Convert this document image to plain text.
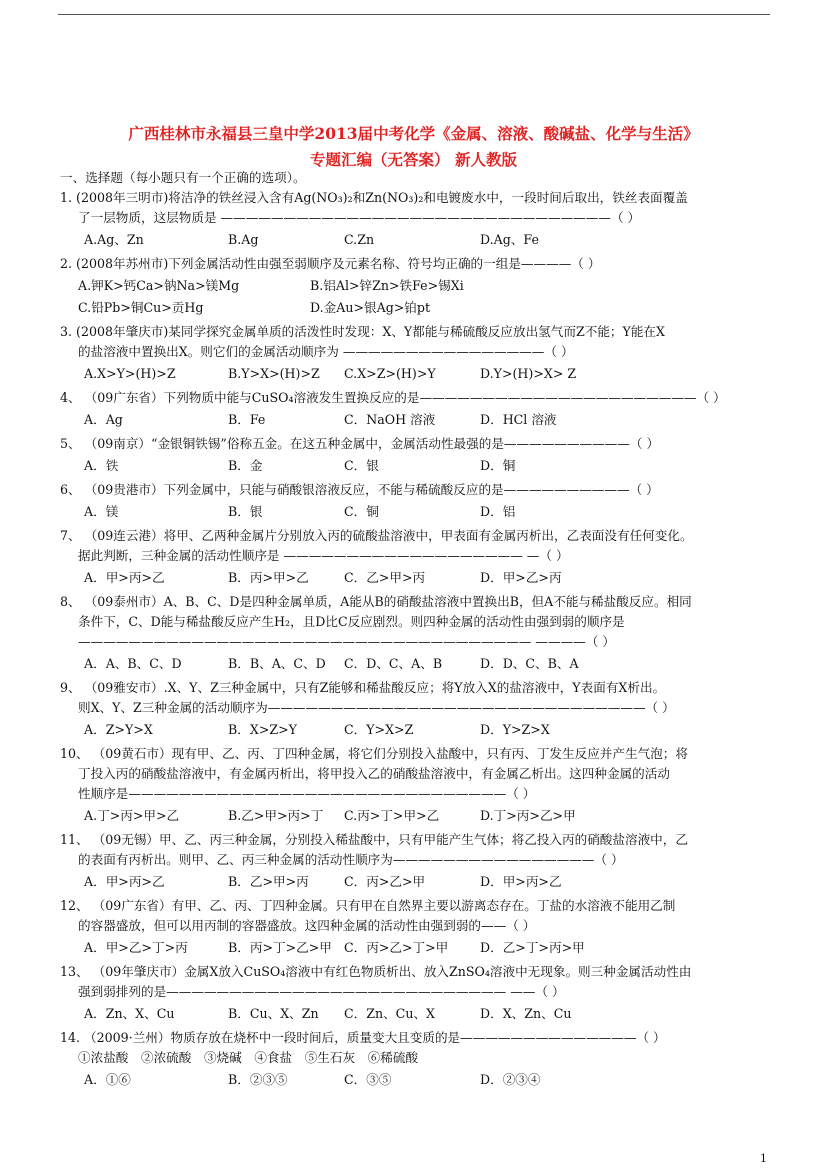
广西桂林市永福县三皇中学2013届中考化学《金属、溶液、酸碱盐、化学与生活》
专题汇编（无答案） 新人教版
一、选择题（每小题只有一个正确的选项）。
1. (2008年三明市)将洁净的铁丝浸入含有Ag(NO₃)₂和Zn(NO₃)₂和电镀废水中，一段时间后取出，铁丝表面覆盖
了一层物质，这层物质是 ———————————————————————————————（ ）
A.Ag、Zn	B.Ag	C.Zn	D.Ag、Fe
2. (2008年苏州市)下列金属活动性由强至弱顺序及元素名称、符号均正确的一组是————（ ）
A.钾K>钙Ca>钠Na>镁Mg	B.铝Al>锌Zn>铁Fe>锡Xi
C.铅Pb>铜Cu>贡Hg	D.金Au>银Ag>铂pt
3. (2008年肇庆市)某同学探究金属单质的活泼性时发现：X、Y都能与稀硫酸反应放出氢气而Z不能；Y能在X
的盐溶液中置换出X。则它们的金属活动顺序为 ————————————————（ ）
A.X>Y>(H)>Z	B.Y>X>(H)>Z	C.X>Z>(H)>Y	D.Y>(H)>X> Z
4、 （09广东省）下列物质中能与CuSO₄溶液发生置换反应的是——————————————————————（ ）
A．Ag	B．Fe	C．NaOH 溶液	D．HCl 溶液
5、 （09南京）“金银铜铁锡”俗称五金。在这五种金属中，金属活动性最强的是——————————（ ）
A．铁	B．金	C．银	D．铜
6、 （09贵港市）下列金属中，只能与硝酸银溶液反应，不能与稀硫酸反应的是——————————（ ）
A．镁	B．银	C．铜	D．铝
7、 （09连云港）将甲、乙两种金属片分别放入丙的硫酸盐溶液中，甲表面有金属丙析出，乙表面没有任何变化。
据此判断，三种金属的活动性顺序是 ——————————————————— —（ ）
A．甲>丙>乙	B．丙>甲>乙	C．乙>甲>丙	D．甲>乙>丙
8、 （09泰州市）A、B、C、D是四种金属单质，A能从B的硝酸盐溶液中置换出B，但A不能与稀盐酸反应。相同
条件下，C、D能与稀盐酸反应产生H₂，且D比C反应剧烈。则四种金属的活动性由强到弱的顺序是
———————————————————————————————————— ————（ ）
A．A、B、C、D	B．B、A、C、D	C．D、C、A、B	D．D、C、B、A
9、 （09雅安市）.X、Y、Z三种金属中，只有Z能够和稀盐酸反应；将Y放入X的盐溶液中，Y表面有X析出。
则X、Y、Z三种金属的活动顺序为——————————————————————————————（ ）
A．Z>Y>X	B．X>Z>Y	C．Y>X>Z	D．Y>Z>X
10、 （09黄石市）现有甲、乙、丙、丁四种金属，将它们分别投入盐酸中，只有丙、丁发生反应并产生气泡；将
丁投入丙的硝酸盐溶液中，有金属丙析出，将甲投入乙的硝酸盐溶液中，有金属乙析出。这四种金属的活动
性顺序是——————————————————————————————（ ）
A.丁>丙>甲>乙	B.乙>甲>丙>丁	C.丙>丁>甲>乙	D.丁>丙>乙>甲
11、 （09无锡）甲、乙、丙三种金属，分别投入稀盐酸中，只有甲能产生气体；将乙投入丙的硝酸盐溶液中，乙
的表面有丙析出。则甲、乙、丙三种金属的活动性顺序为————————————————（ ）
A．甲>丙>乙	B．乙>甲>丙	C．丙>乙>甲	D．甲>丙>乙
12、 （09广东省）有甲、乙、丙、丁四种金属。只有甲在自然界主要以游离态存在。丁盐的水溶液不能用乙制
的容器盛放，但可以用丙制的容器盛放。这四种金属的活动性由强到弱的——（ ）
A．甲>乙>丁>丙	B．丙>丁>乙>甲 C．丙>乙>丁>甲	D．乙>丁>丙>甲
13、 （09年肇庆市）金属X放入CuSO₄溶液中有红色物质析出、放入ZnSO₄溶液中无现象。则三种金属活动性由
强到弱排列的是——————————————————————————— ——（ ）
A．Zn、X、Cu	B．Cu、X、Zn	C．Zn、Cu、X	D．X、Zn、Cu
14. （2009·兰州）物质存放在烧杯中一段时间后，质量变大且变质的是——————————————（ ）
①浓盐酸　②浓硫酸　③烧碱　④食盐　⑤生石灰　⑥稀硫酸
A．①⑥	B．②③⑤	C．③⑤	D．②③④
1
